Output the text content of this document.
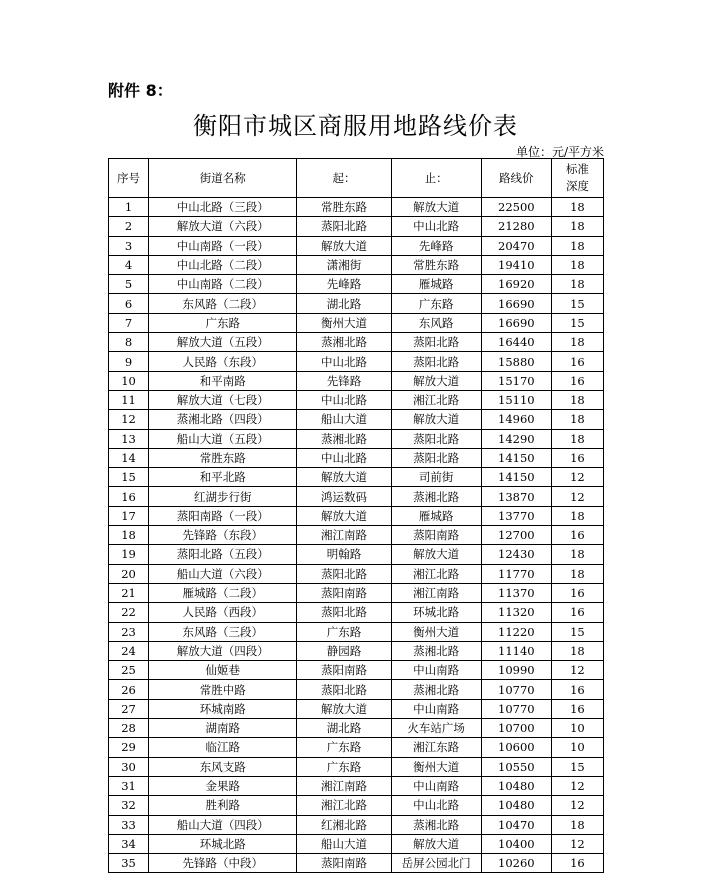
附件 8：
衡阳市城区商服用地路线价表
单位：元/平方米
序号	街道名称	起：	止：	路线价	标准
深度
1	中山北路（三段）	常胜东路	解放大道	22500	18
2	解放大道（六段）	蒸阳北路	中山北路	21280	18
3	中山南路（一段）	解放大道	先峰路	20470	18
4	中山北路（二段）	潇湘街	常胜东路	19410	18
5	中山南路（二段）	先峰路	雁城路	16920	18
6	东风路（二段）	湖北路	广东路	16690	15
7	广东路	衡州大道	东风路	16690	15
8	解放大道（五段）	蒸湘北路	蒸阳北路	16440	18
9	人民路（东段）	中山北路	蒸阳北路	15880	16
10	和平南路	先锋路	解放大道	15170	16
11	解放大道（七段）	中山北路	湘江北路	15110	18
12	蒸湘北路（四段）	船山大道	解放大道	14960	18
13	船山大道（五段）	蒸湘北路	蒸阳北路	14290	18
14	常胜东路	中山北路	蒸阳北路	14150	16
15	和平北路	解放大道	司前街	14150	12
16	红湖步行街	鸿运数码	蒸湘北路	13870	12
17	蒸阳南路（一段）	解放大道	雁城路	13770	18
18	先锋路（东段）	湘江南路	蒸阳南路	12700	16
19	蒸阳北路（五段）	明翰路	解放大道	12430	18
20	船山大道（六段）	蒸阳北路	湘江北路	11770	18
21	雁城路（二段）	蒸阳南路	湘江南路	11370	16
22	人民路（西段）	蒸阳北路	环城北路	11320	16
23	东风路（三段）	广东路	衡州大道	11220	15
24	解放大道（四段）	静园路	蒸湘北路	11140	18
25	仙姬巷	蒸阳南路	中山南路	10990	12
26	常胜中路	蒸阳北路	蒸湘北路	10770	16
27	环城南路	解放大道	中山南路	10770	16
28	湖南路	湖北路	火车站广场	10700	10
29	临江路	广东路	湘江东路	10600	10
30	东风支路	广东路	衡州大道	10550	15
31	金果路	湘江南路	中山南路	10480	12
32	胜利路	湘江北路	中山北路	10480	12
33	船山大道（四段）	红湘北路	蒸湘北路	10470	18
34	环城北路	船山大道	解放大道	10400	12
35	先锋路（中段）	蒸阳南路	岳屏公园北门	10260	16
